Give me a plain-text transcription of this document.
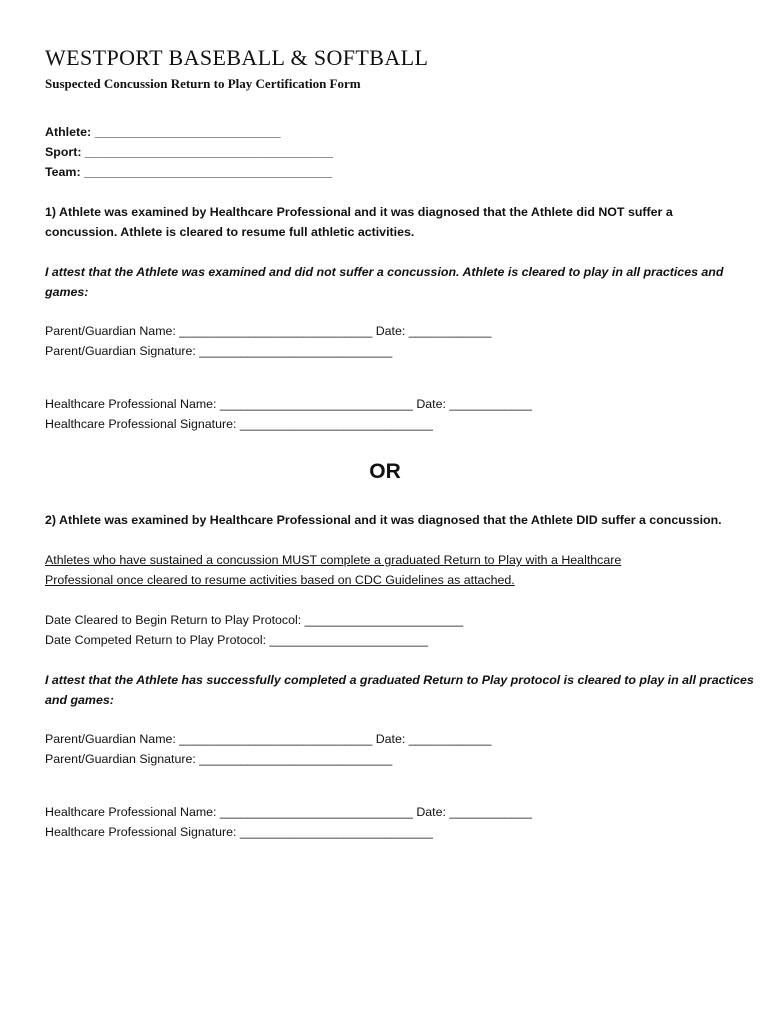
WESTPORT BASEBALL & SOFTBALL
Suspected Concussion Return to Play Certification Form
Athlete: ___________________________
Sport: ____________________________________
Team: ____________________________________
1) Athlete was examined by Healthcare Professional and it was diagnosed that the Athlete did NOT suffer a
concussion. Athlete is cleared to resume full athletic activities.
I attest that the Athlete was examined and did not suffer a concussion. Athlete is cleared to play in all practices and
games:
Parent/Guardian Name: ____________________________ Date: ____________
Parent/Guardian Signature: ____________________________
Healthcare Professional Name: ____________________________ Date: ____________
Healthcare Professional Signature: ____________________________
OR
2) Athlete was examined by Healthcare Professional and it was diagnosed that the Athlete DID suffer a concussion.
Athletes who have sustained a concussion MUST complete a graduated Return to Play with a Healthcare
Professional once cleared to resume activities based on CDC Guidelines as attached.
Date Cleared to Begin Return to Play Protocol: _______________________
Date Competed Return to Play Protocol: _______________________
I attest that the Athlete has successfully completed a graduated Return to Play protocol is cleared to play in all practices
and games:
Parent/Guardian Name: ____________________________ Date: ____________
Parent/Guardian Signature: ____________________________
Healthcare Professional Name: ____________________________ Date: ____________
Healthcare Professional Signature: ____________________________
